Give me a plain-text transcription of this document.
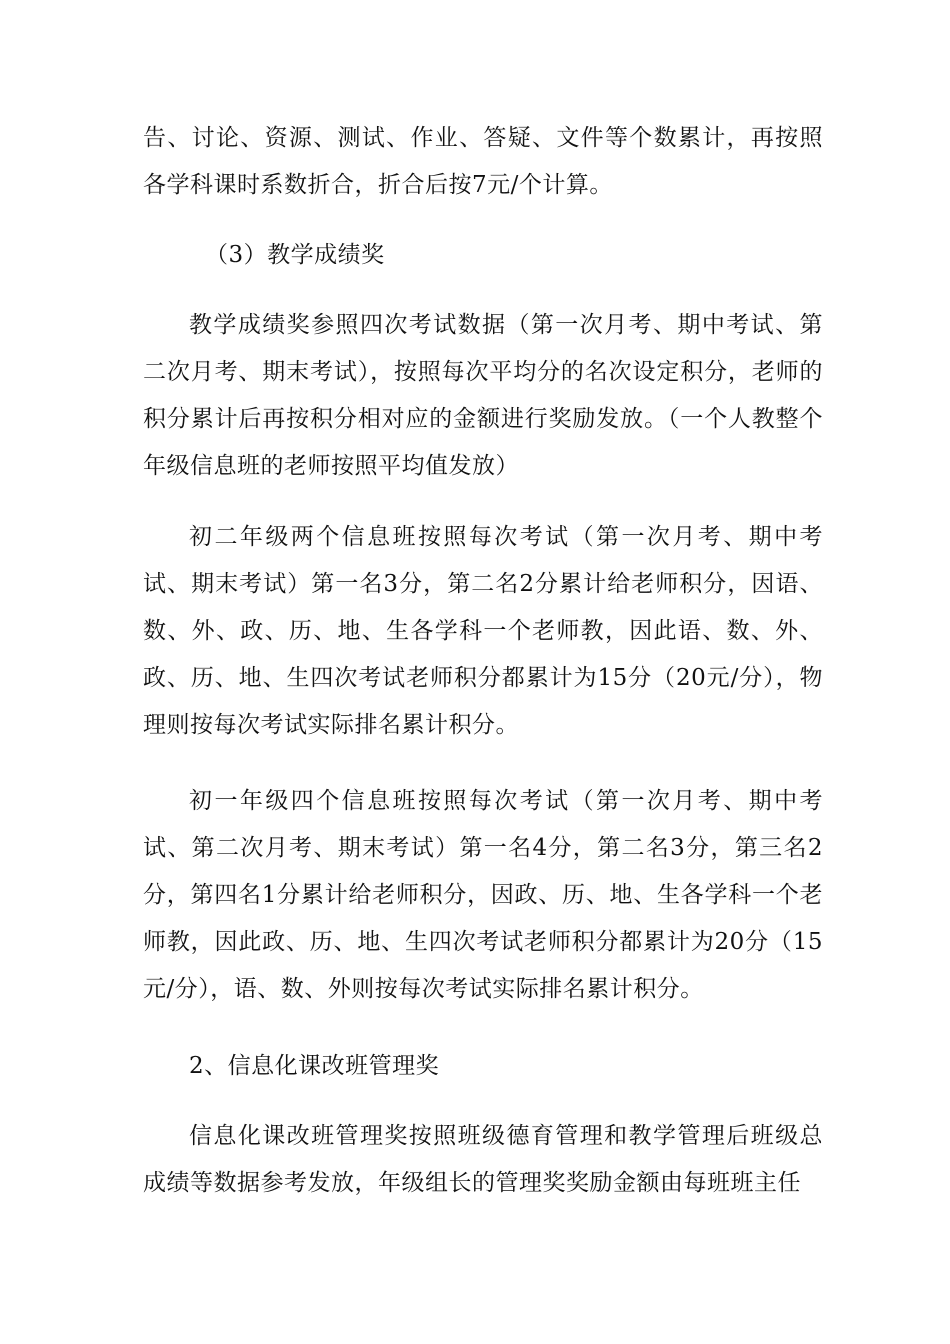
告、讨论、资源、测试、作业、答疑、文件等个数累计，再按照各学科课时系数折合，折合后按7元/个计算。

（3）教学成绩奖

教学成绩奖参照四次考试数据（第一次月考、期中考试、第二次月考、期末考试），按照每次平均分的名次设定积分，老师的积分累计后再按积分相对应的金额进行奖励发放。（一个人教整个年级信息班的老师按照平均值发放）

初二年级两个信息班按照每次考试（第一次月考、期中考试、期末考试）第一名3分，第二名2分累计给老师积分，因语、数、外、政、历、地、生各学科一个老师教，因此语、数、外、政、历、地、生四次考试老师积分都累计为15分（20元/分），物理则按每次考试实际排名累计积分。

初一年级四个信息班按照每次考试（第一次月考、期中考试、第二次月考、期末考试）第一名4分，第二名3分，第三名2分，第四名1分累计给老师积分，因政、历、地、生各学科一个老师教，因此政、历、地、生四次考试老师积分都累计为20分（15元/分），语、数、外则按每次考试实际排名累计积分。

2、信息化课改班管理奖

信息化课改班管理奖按照班级德育管理和教学管理后班级总成绩等数据参考发放，年级组长的管理奖奖励金额由每班班主任
